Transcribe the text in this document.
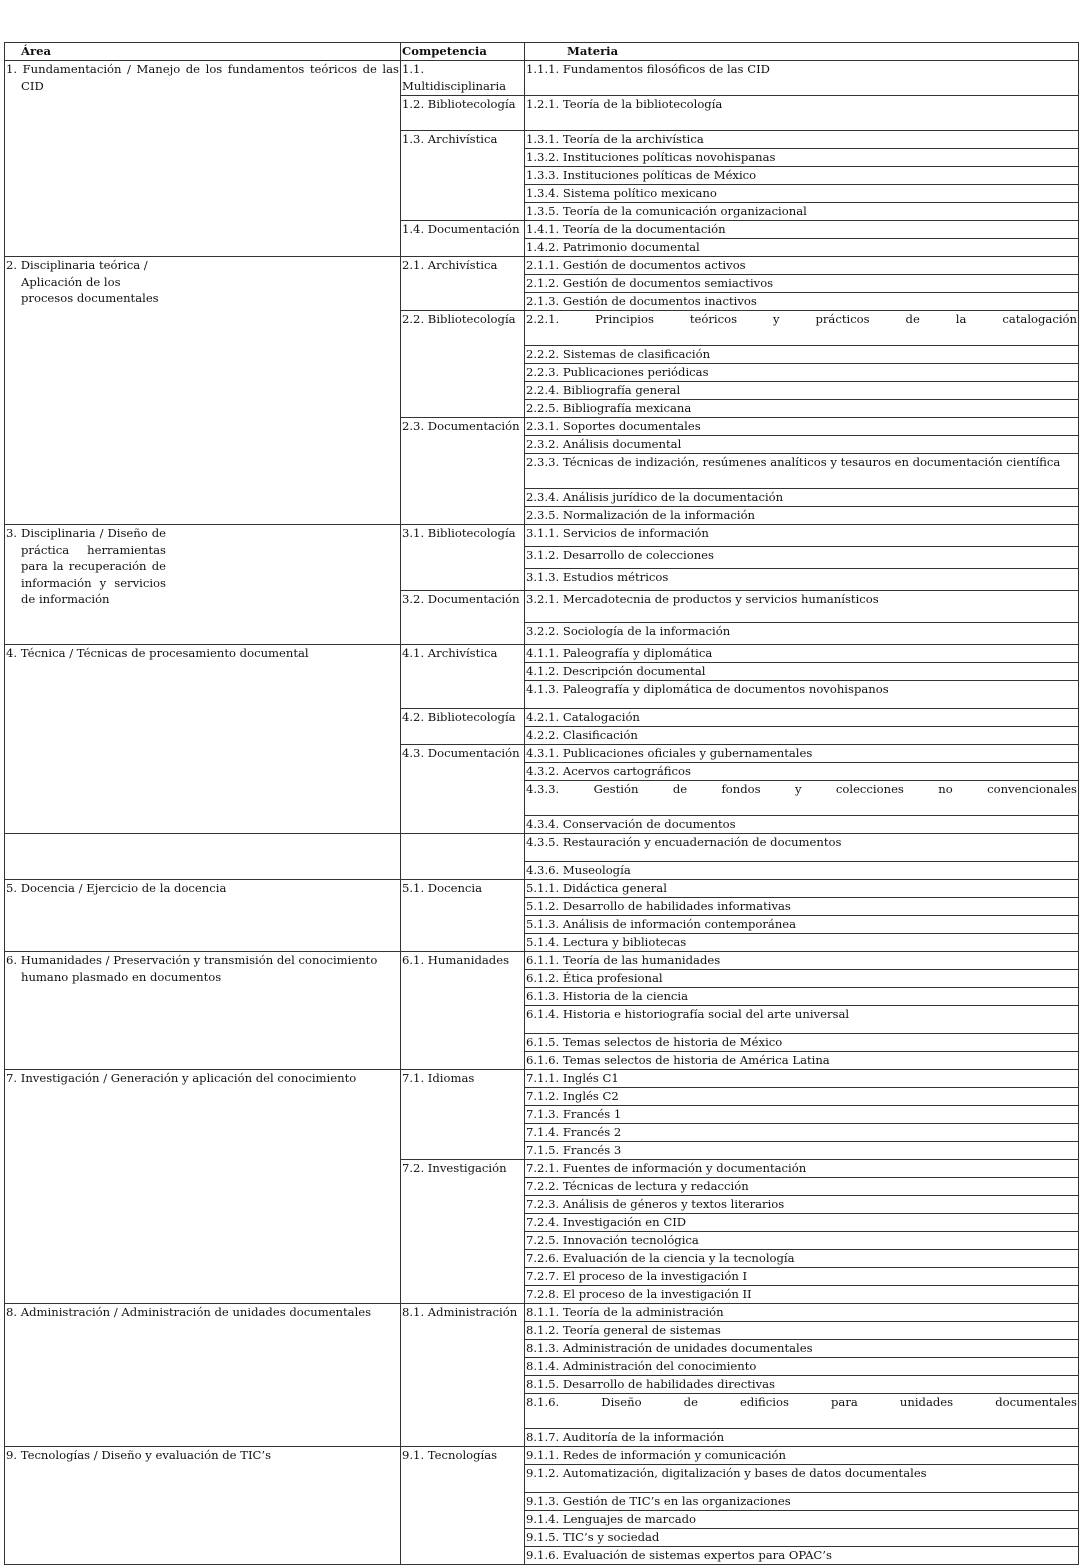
Área	Competencia	Materia

1. Fundamentación / Manejo de los fundamentos teóricos de las CID	1.1. Multidisciplinaria	1.1.1. Fundamentos filosóficos de las CID
	1.2. Bibliotecología	1.2.1. Teoría de la bibliotecología
	1.3. Archivística	1.3.1. Teoría de la archivística
		1.3.2. Instituciones políticas novohispanas
		1.3.3. Instituciones políticas de México
		1.3.4. Sistema político mexicano
		1.3.5. Teoría de la comunicación organizacional
	1.4. Documentación	1.4.1. Teoría de la documentación
		1.4.2. Patrimonio documental

2. Disciplinaria teórica / Aplicación de los procesos documentales	2.1. Archivística	2.1.1. Gestión de documentos activos
		2.1.2. Gestión de documentos semiactivos
		2.1.3. Gestión de documentos inactivos
	2.2. Bibliotecología	2.2.1. Principios teóricos y prácticos de la catalogación
		2.2.2. Sistemas de clasificación
		2.2.3. Publicaciones periódicas
		2.2.4. Bibliografía general
		2.2.5. Bibliografía mexicana
	2.3. Documentación	2.3.1. Soportes documentales
		2.3.2. Análisis documental
		2.3.3. Técnicas de indización, resúmenes analíticos y tesauros en documentación científica
		2.3.4. Análisis jurídico de la documentación
		2.3.5. Normalización de la información

3. Disciplinaria / Diseño de práctica herramientas para la recuperación de información y servicios de información	3.1. Bibliotecología	3.1.1. Servicios de información
		3.1.2. Desarrollo de colecciones
		3.1.3. Estudios métricos
	3.2. Documentación	3.2.1. Mercadotecnia de productos y servicios humanísticos
		3.2.2. Sociología de la información

4. Técnica / Técnicas de procesamiento documental	4.1. Archivística	4.1.1. Paleografía y diplomática
		4.1.2. Descripción documental
		4.1.3. Paleografía y diplomática de documentos novohispanos
	4.2. Bibliotecología	4.2.1. Catalogación
		4.2.2. Clasificación
	4.3. Documentación	4.3.1. Publicaciones oficiales y gubernamentales
		4.3.2. Acervos cartográficos
		4.3.3. Gestión de fondos y colecciones no convencionales
		4.3.4. Conservación de documentos

		4.3.5. Restauración y encuadernación de documentos
		4.3.6. Museología

5. Docencia / Ejercicio de la docencia	5.1. Docencia	5.1.1. Didáctica general
		5.1.2. Desarrollo de habilidades informativas
		5.1.3. Análisis de información contemporánea
		5.1.4. Lectura y bibliotecas

6. Humanidades / Preservación y transmisión del conocimiento humano plasmado en documentos	6.1. Humanidades	6.1.1. Teoría de las humanidades
		6.1.2. Ética profesional
		6.1.3. Historia de la ciencia
		6.1.4. Historia e historiografía social del arte universal
		6.1.5. Temas selectos de historia de México
		6.1.6. Temas selectos de historia de América Latina

7. Investigación / Generación y aplicación del conocimiento	7.1. Idiomas	7.1.1. Inglés C1
		7.1.2. Inglés C2
		7.1.3. Francés 1
		7.1.4. Francés 2
		7.1.5. Francés 3
	7.2. Investigación	7.2.1. Fuentes de información y documentación
		7.2.2. Técnicas de lectura y redacción
		7.2.3. Análisis de géneros y textos literarios
		7.2.4. Investigación en CID
		7.2.5. Innovación tecnológica
		7.2.6. Evaluación de la ciencia y la tecnología
		7.2.7. El proceso de la investigación I
		7.2.8. El proceso de la investigación II

8. Administración / Administración de unidades documentales	8.1. Administración	8.1.1. Teoría de la administración
		8.1.2. Teoría general de sistemas
		8.1.3. Administración de unidades documentales
		8.1.4. Administración del conocimiento
		8.1.5. Desarrollo de habilidades directivas
		8.1.6. Diseño de edificios para unidades documentales
		8.1.7. Auditoría de la información

9. Tecnologías / Diseño y evaluación de TIC’s	9.1. Tecnologías	9.1.1. Redes de información y comunicación
		9.1.2. Automatización, digitalización y bases de datos documentales
		9.1.3. Gestión de TIC’s en las organizaciones
		9.1.4. Lenguajes de marcado
		9.1.5. TIC’s y sociedad
		9.1.6. Evaluación de sistemas expertos para OPAC’s
